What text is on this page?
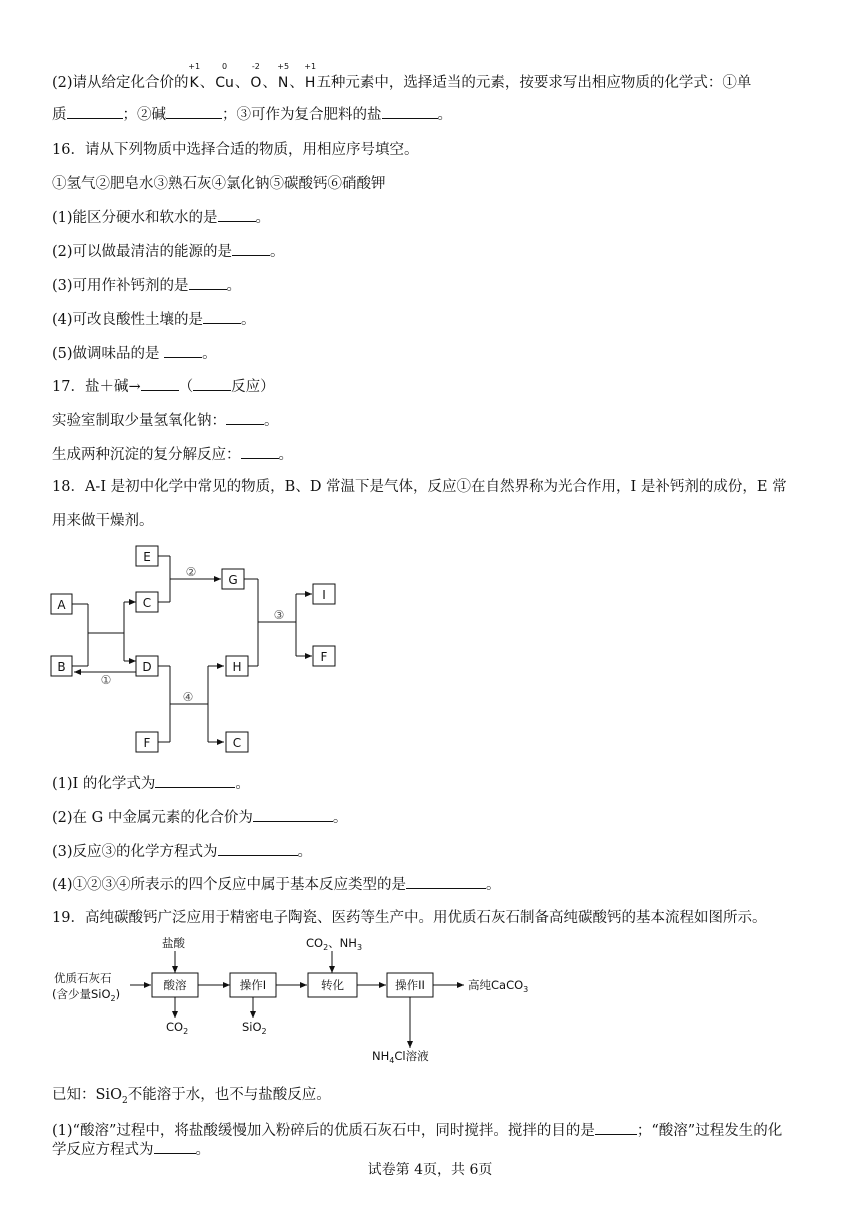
(2)请从给定化合价的
+1
K、
0
Cu、
-2
O、
+5
N、
+1
H五种元素中，选择适当的元素，按要求写出相应物质的化学式：①单
质	；②碱	；③可作为复合肥料的盐	。
16．请从下列物质中选择合适的物质，用相应序号填空。
①氢气②肥皂水③熟石灰④氯化钠⑤碳酸钙⑥硝酸钾
(1)能区分硬水和软水的是	。
(2)可以做最清洁的能源的是	。
(3)可用作补钙剂的是	。
(4)可改良酸性土壤的是	。
(5)做调味品的是	。
17．盐＋碱→	（	反应）
实验室制取少量氢氧化钠：	。
生成两种沉淀的复分解反应：	。
18．A-I 是初中化学中常见的物质，B、D 常温下是气体，反应①在自然界称为光合作用，I 是补钙剂的成份，E 常
用来做干燥剂。
E
A	C
G
I
B	D	H
F
F	C
②
③
①
④
(1)I 的化学式为	。
(2)在 G 中金属元素的化合价为	。
(3)反应③的化学方程式为	。
(4)①②③④所表示的四个反应中属于基本反应类型的是	。
19．高纯碳酸钙广泛应用于精密电子陶瓷、医药等生产中。用优质石灰石制备高纯碳酸钙的基本流程如图所示。
酸溶	操作I	转化	操作II
优质石灰石
(含少量SiO$_2$)
盐酸	$CO_2$、$NH_3$
$CO_2$	SiO$_2$
$NH_4Cl$溶液
高纯CaCO$_3$
已知：SiO$_2$不能溶于水，也不与盐酸反应。
(1)“酸溶”过程中，将盐酸缓慢加入粉碎后的优质石灰石中，同时搅拌。搅拌的目的是	；“酸溶”过程发生的化
学反应方程式为	。
试卷第 4页，共 6页
